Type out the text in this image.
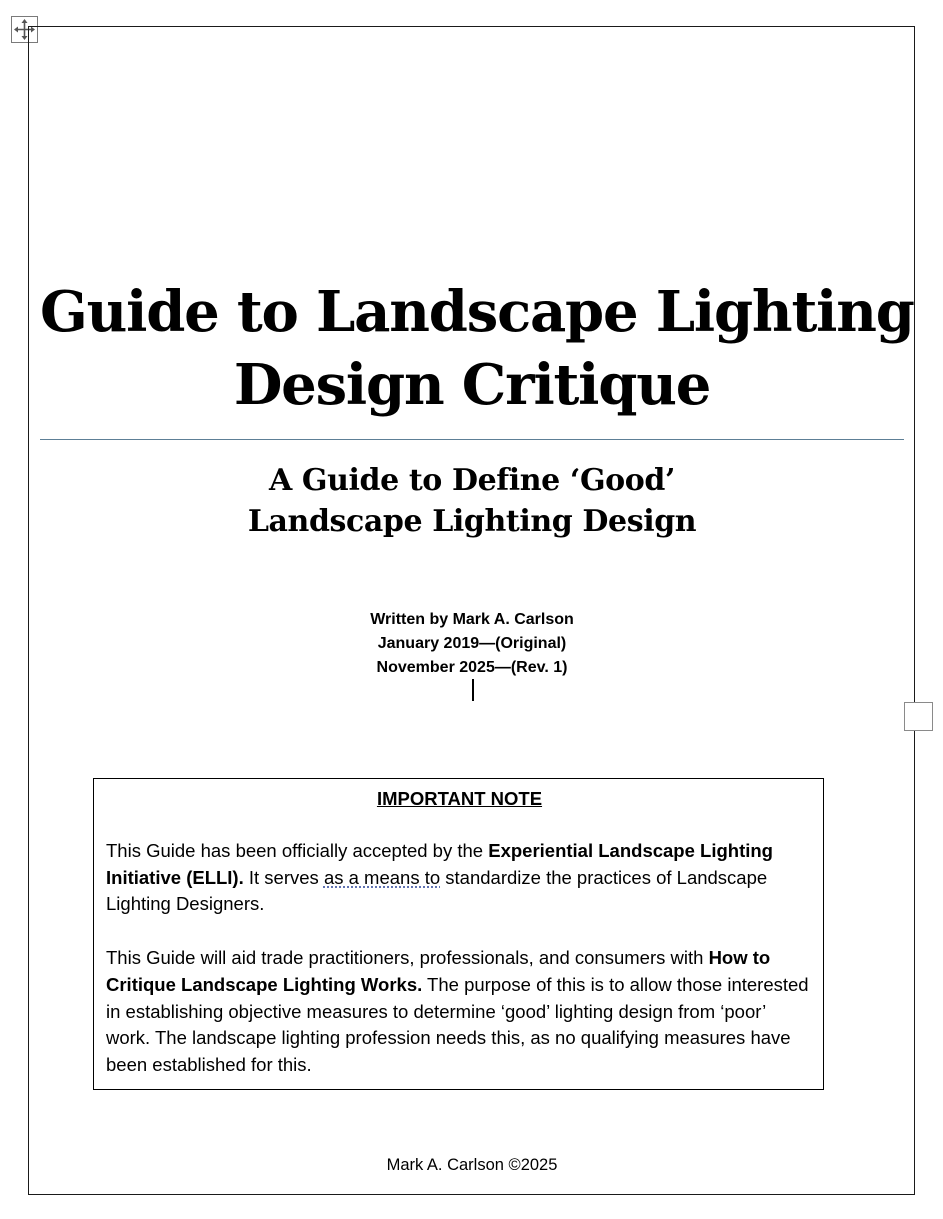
Guide to Landscape Lighting
Design Critique
A Guide to Define ‘Good’
Landscape Lighting Design
Written by Mark A. Carlson
January 2019—(Original)
November 2025—(Rev. 1)

IMPORTANT NOTE

This Guide has been officially accepted by the Experiential Landscape Lighting Initiative (ELLI). It serves as a means to standardize the practices of Landscape Lighting Designers.

This Guide will aid trade practitioners, professionals, and consumers with How to Critique Landscape Lighting Works. The purpose of this is to allow those interested in establishing objective measures to determine ‘good’ lighting design from ‘poor’ work. The landscape lighting profession needs this, as no qualifying measures have been established for this.

Mark A. Carlson ©2025
